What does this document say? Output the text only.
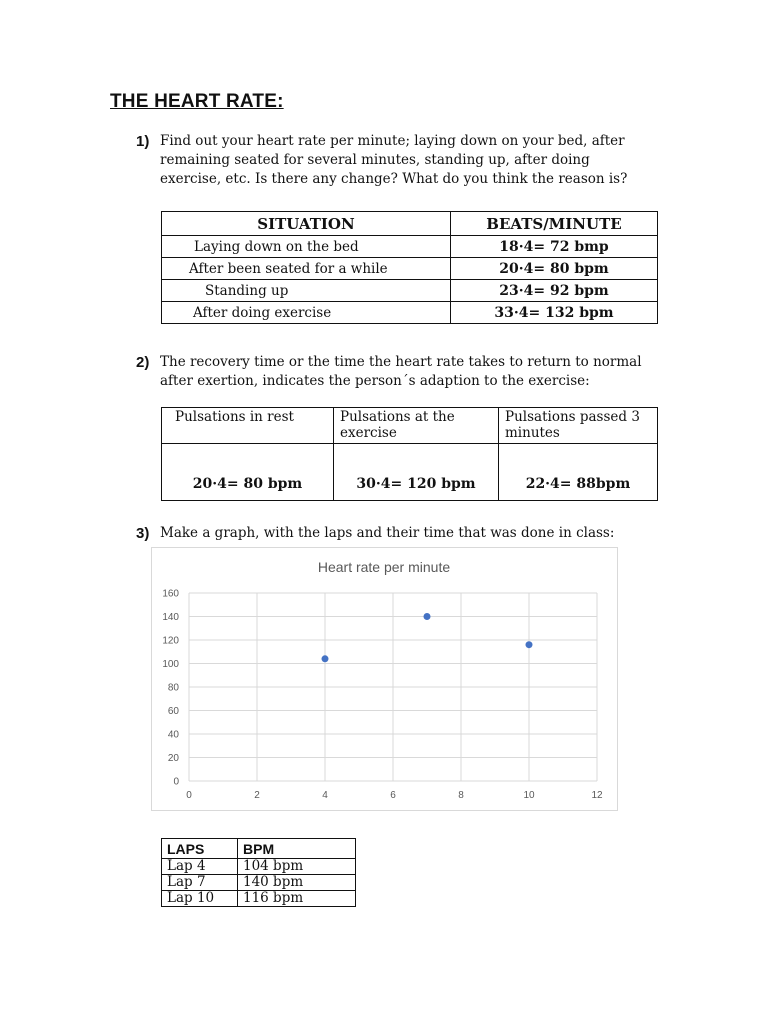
THE HEART RATE:
1) Find out your heart rate per minute; laying down on your bed, after remaining seated for several minutes, standing up, after doing exercise, etc. Is there any change? What do you think the reason is?
SITUATION	BEATS/MINUTE
Laying down on the bed	18·4= 72 bmp
After been seated for a while	20·4= 80 bpm
Standing up	23·4= 92 bpm
After doing exercise	33·4= 132 bpm
2) The recovery time or the time the heart rate takes to return to normal after exertion, indicates the person´s adaption to the exercise:
Pulsations in rest	Pulsations at the exercise	Pulsations passed 3 minutes
20·4= 80 bpm	30·4= 120 bpm	22·4= 88bpm
3) Make a graph, with the laps and their time that was done in class:
Heart rate per minute
0
20
40
60
80
100
120
140
160
0	2	4	6	8	10	12
LAPS	BPM
Lap 4	104 bpm
Lap 7	140 bpm
Lap 10	116 bpm
